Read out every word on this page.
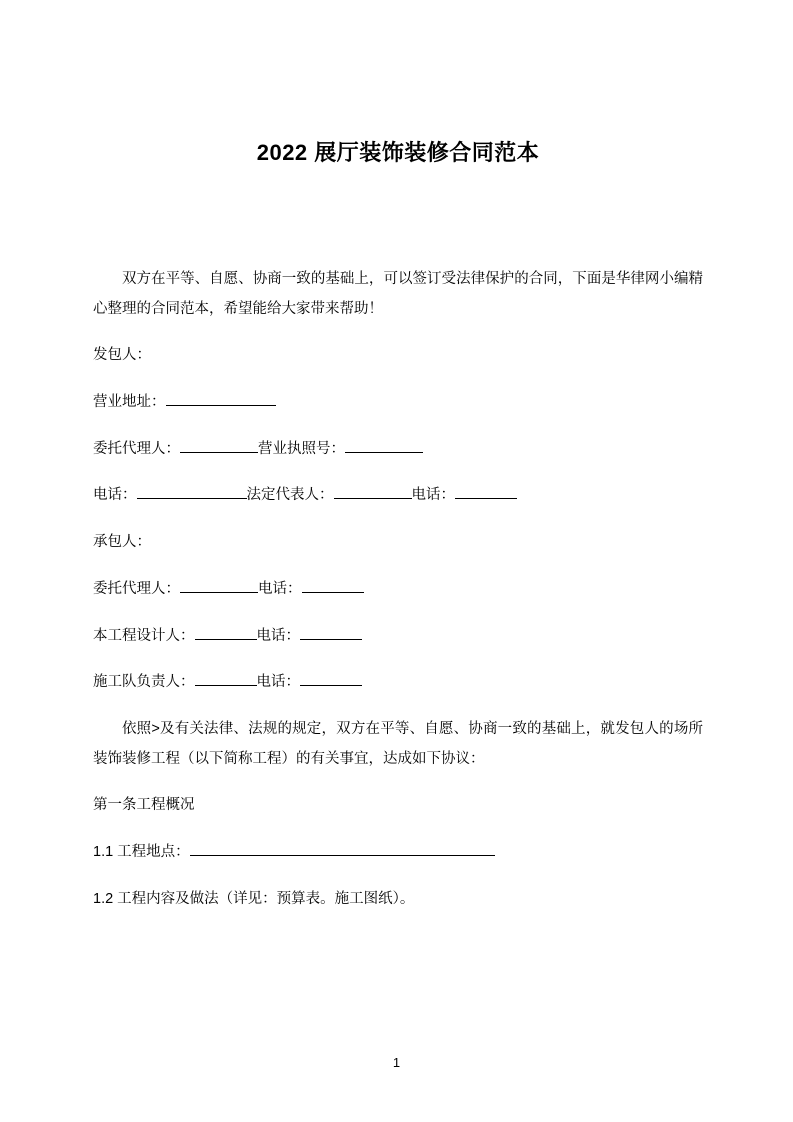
2022 展厅装饰装修合同范本

双方在平等、自愿、协商一致的基础上，可以签订受法律保护的合同，下面是华律网小编精心整理的合同范本，希望能给大家带来帮助！

发包人：

营业地址：

委托代理人：	营业执照号：

电话：	法定代表人：	电话：

承包人：

委托代理人：	电话：

本工程设计人：	电话：

施工队负责人：	电话：

依照>及有关法律、法规的规定，双方在平等、自愿、协商一致的基础上，就发包人的场所装饰装修工程（以下简称工程）的有关事宜，达成如下协议：

第一条工程概况

1.1 工程地点：

1.2 工程内容及做法（详见：预算表。施工图纸）。

1
